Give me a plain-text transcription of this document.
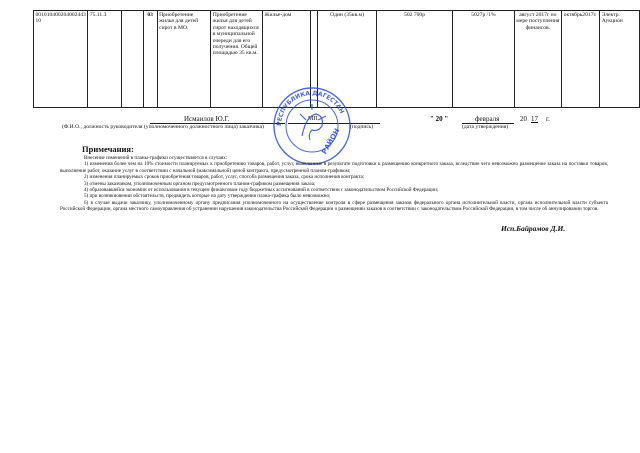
001010400204002443​10	75.11.3		03	Приобретение жилья для детей сирот в МО.	Приобретение жилья для детей сирот находящихся в муниципальной очереди для его получения. Общей площадью 35 кв.м.	Жилье-дом		Один (35кв.м)	502 700р	5027р /1%	август 2017г по мере поступления финансов.	октябрь2017г.	Электр. Аукцион
Исмаилов Ю.Г.	МП	" 20 "	февраля	20 17 г.
(Ф.И.О., должность руководителя (уполномоченного должностного лица) заказчика)	(подпись)	(дата утверждения)
РЕСПУБЛИКА ДАГЕСТАН
РАЙОН
Примечания:

Внесение изменений в планы-графики осуществляется в случаях:

1) изменения более чем на 10% стоимости планируемых к приобретению товаров, работ, услуг, выявленные в результате подготовки к размещению конкретного заказа, вследствие чего невозможно размещение заказа на поставки товаров, выполнение работ, оказание услуг в соответствии с начальной (максимальной) ценой контракта, предусмотренной планом-графиком;

2) изменения планируемых сроков приобретения товаров, работ, услуг, способа размещения заказа, срока исполнения контракта;

3) отмены заказчиком, уполномоченным органом предусмотренного планом-графиком размещения заказа;

4) образовавшейся экономии от использования в текущем финансовом году бюджетных ассигнований в соответствии с законодательством Российской Федерации;

5) при возникновении обстоятельств, предвидеть которые на дату утверждения плана-графика было невозможно;

6) в случае выдачи заказчику, уполномоченному органу предписания уполномоченного на осуществление контроля в сфере размещения заказов федерального органа исполнительной власти, органа исполнительной власти субъекта Российской Федерации, органа местного самоуправления об устранении нарушения законодательства Российской Федерации о размещении заказов в соответствии с законодательством Российской Федерации, в том числе об аннулировании торгов.

Исп.Байрамов Д.И.
